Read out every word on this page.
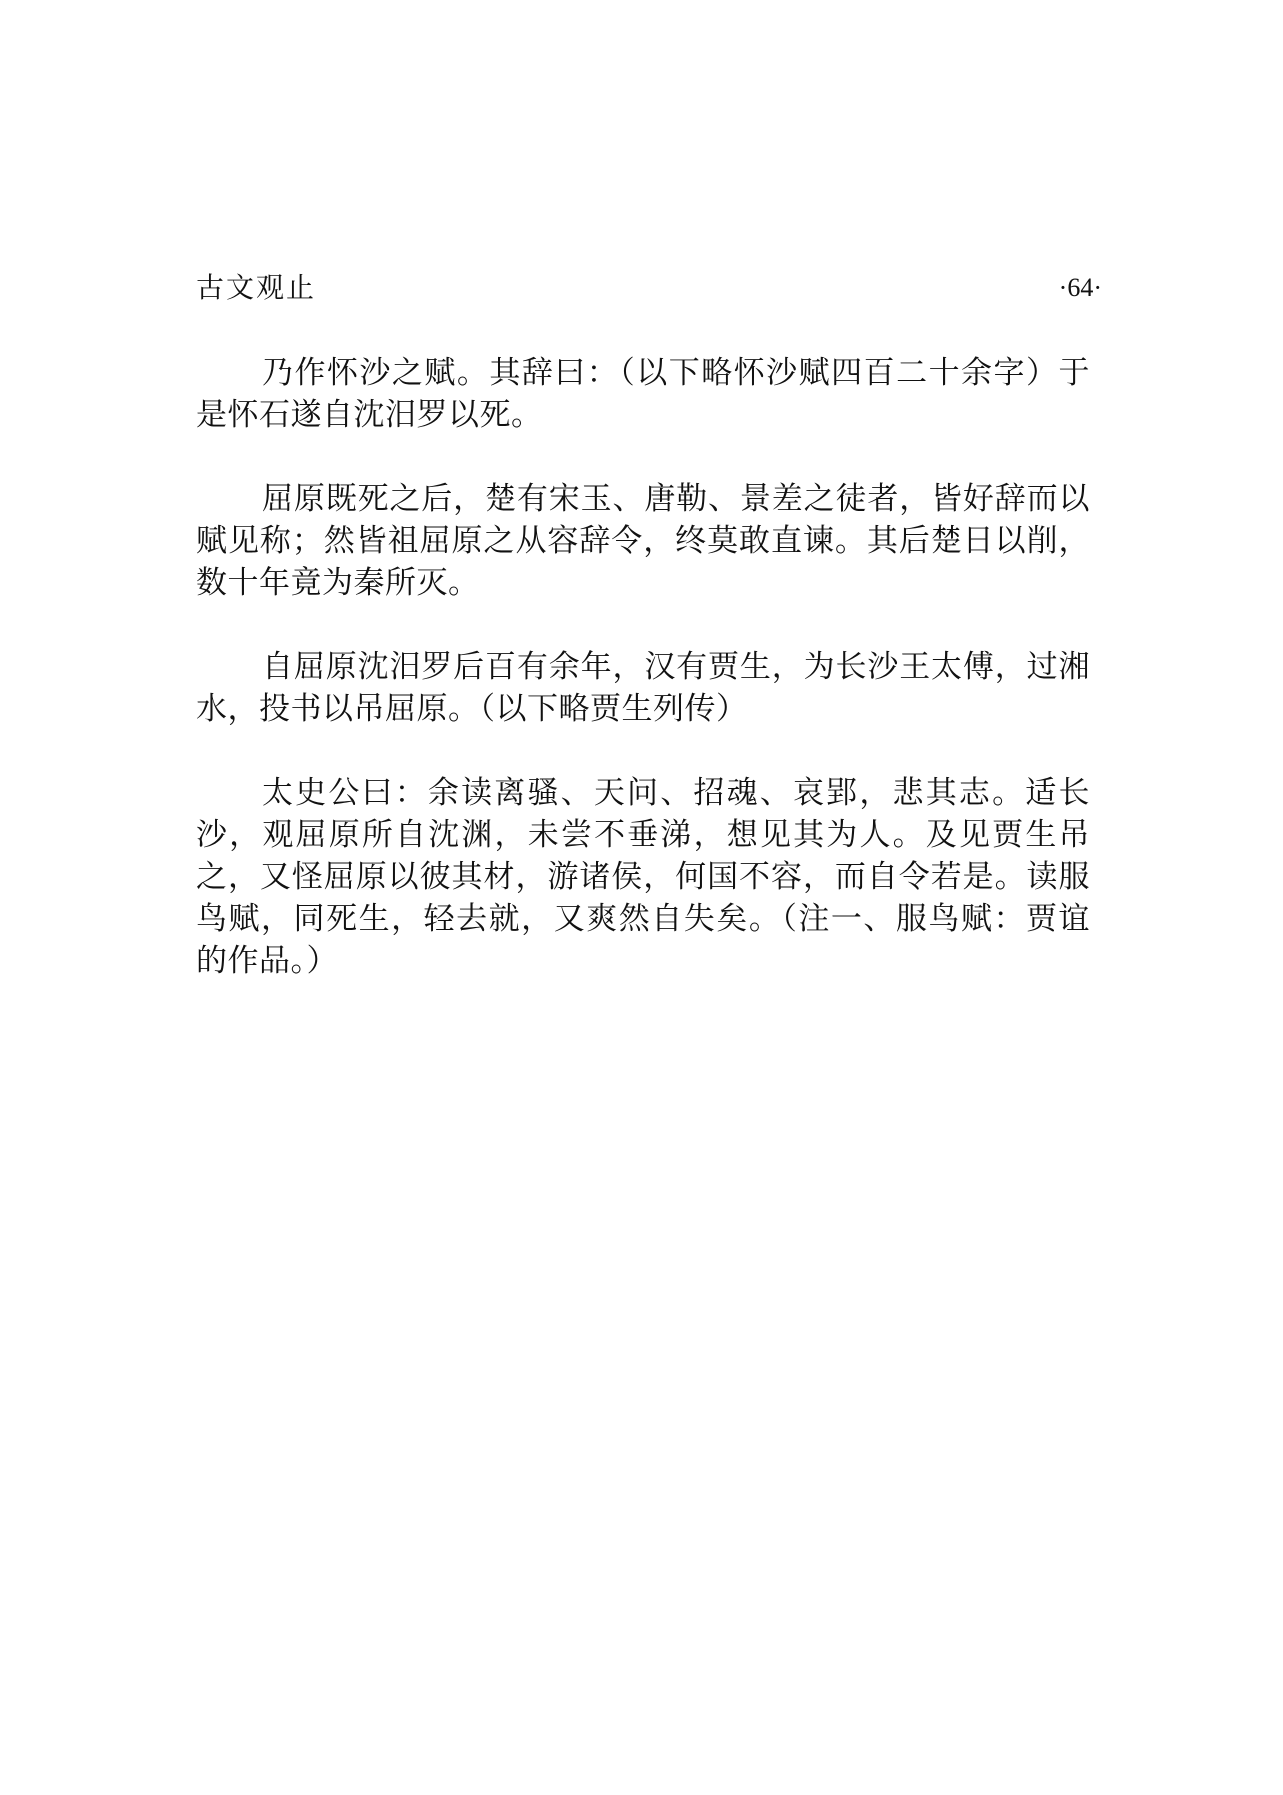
古文观止	·64·

乃作怀沙之赋。其辞曰：（以下略怀沙赋四百二十余字）于是怀石遂自沈汨罗以死。

屈原既死之后，楚有宋玉、唐勒、景差之徒者，皆好辞而以赋见称；然皆祖屈原之从容辞令，终莫敢直谏。其后楚日以削，数十年竟为秦所灭。

自屈原沈汨罗后百有余年，汉有贾生，为长沙王太傅，过湘水，投书以吊屈原。（以下略贾生列传）

太史公曰：余读离骚、天问、招魂、哀郢，悲其志。适长沙，观屈原所自沈渊，未尝不垂涕，想见其为人。及见贾生吊之，又怪屈原以彼其材，游诸侯，何国不容，而自令若是。读服鸟赋，同死生，轻去就，又爽然自失矣。（注一、服鸟赋：贾谊的作品。）
